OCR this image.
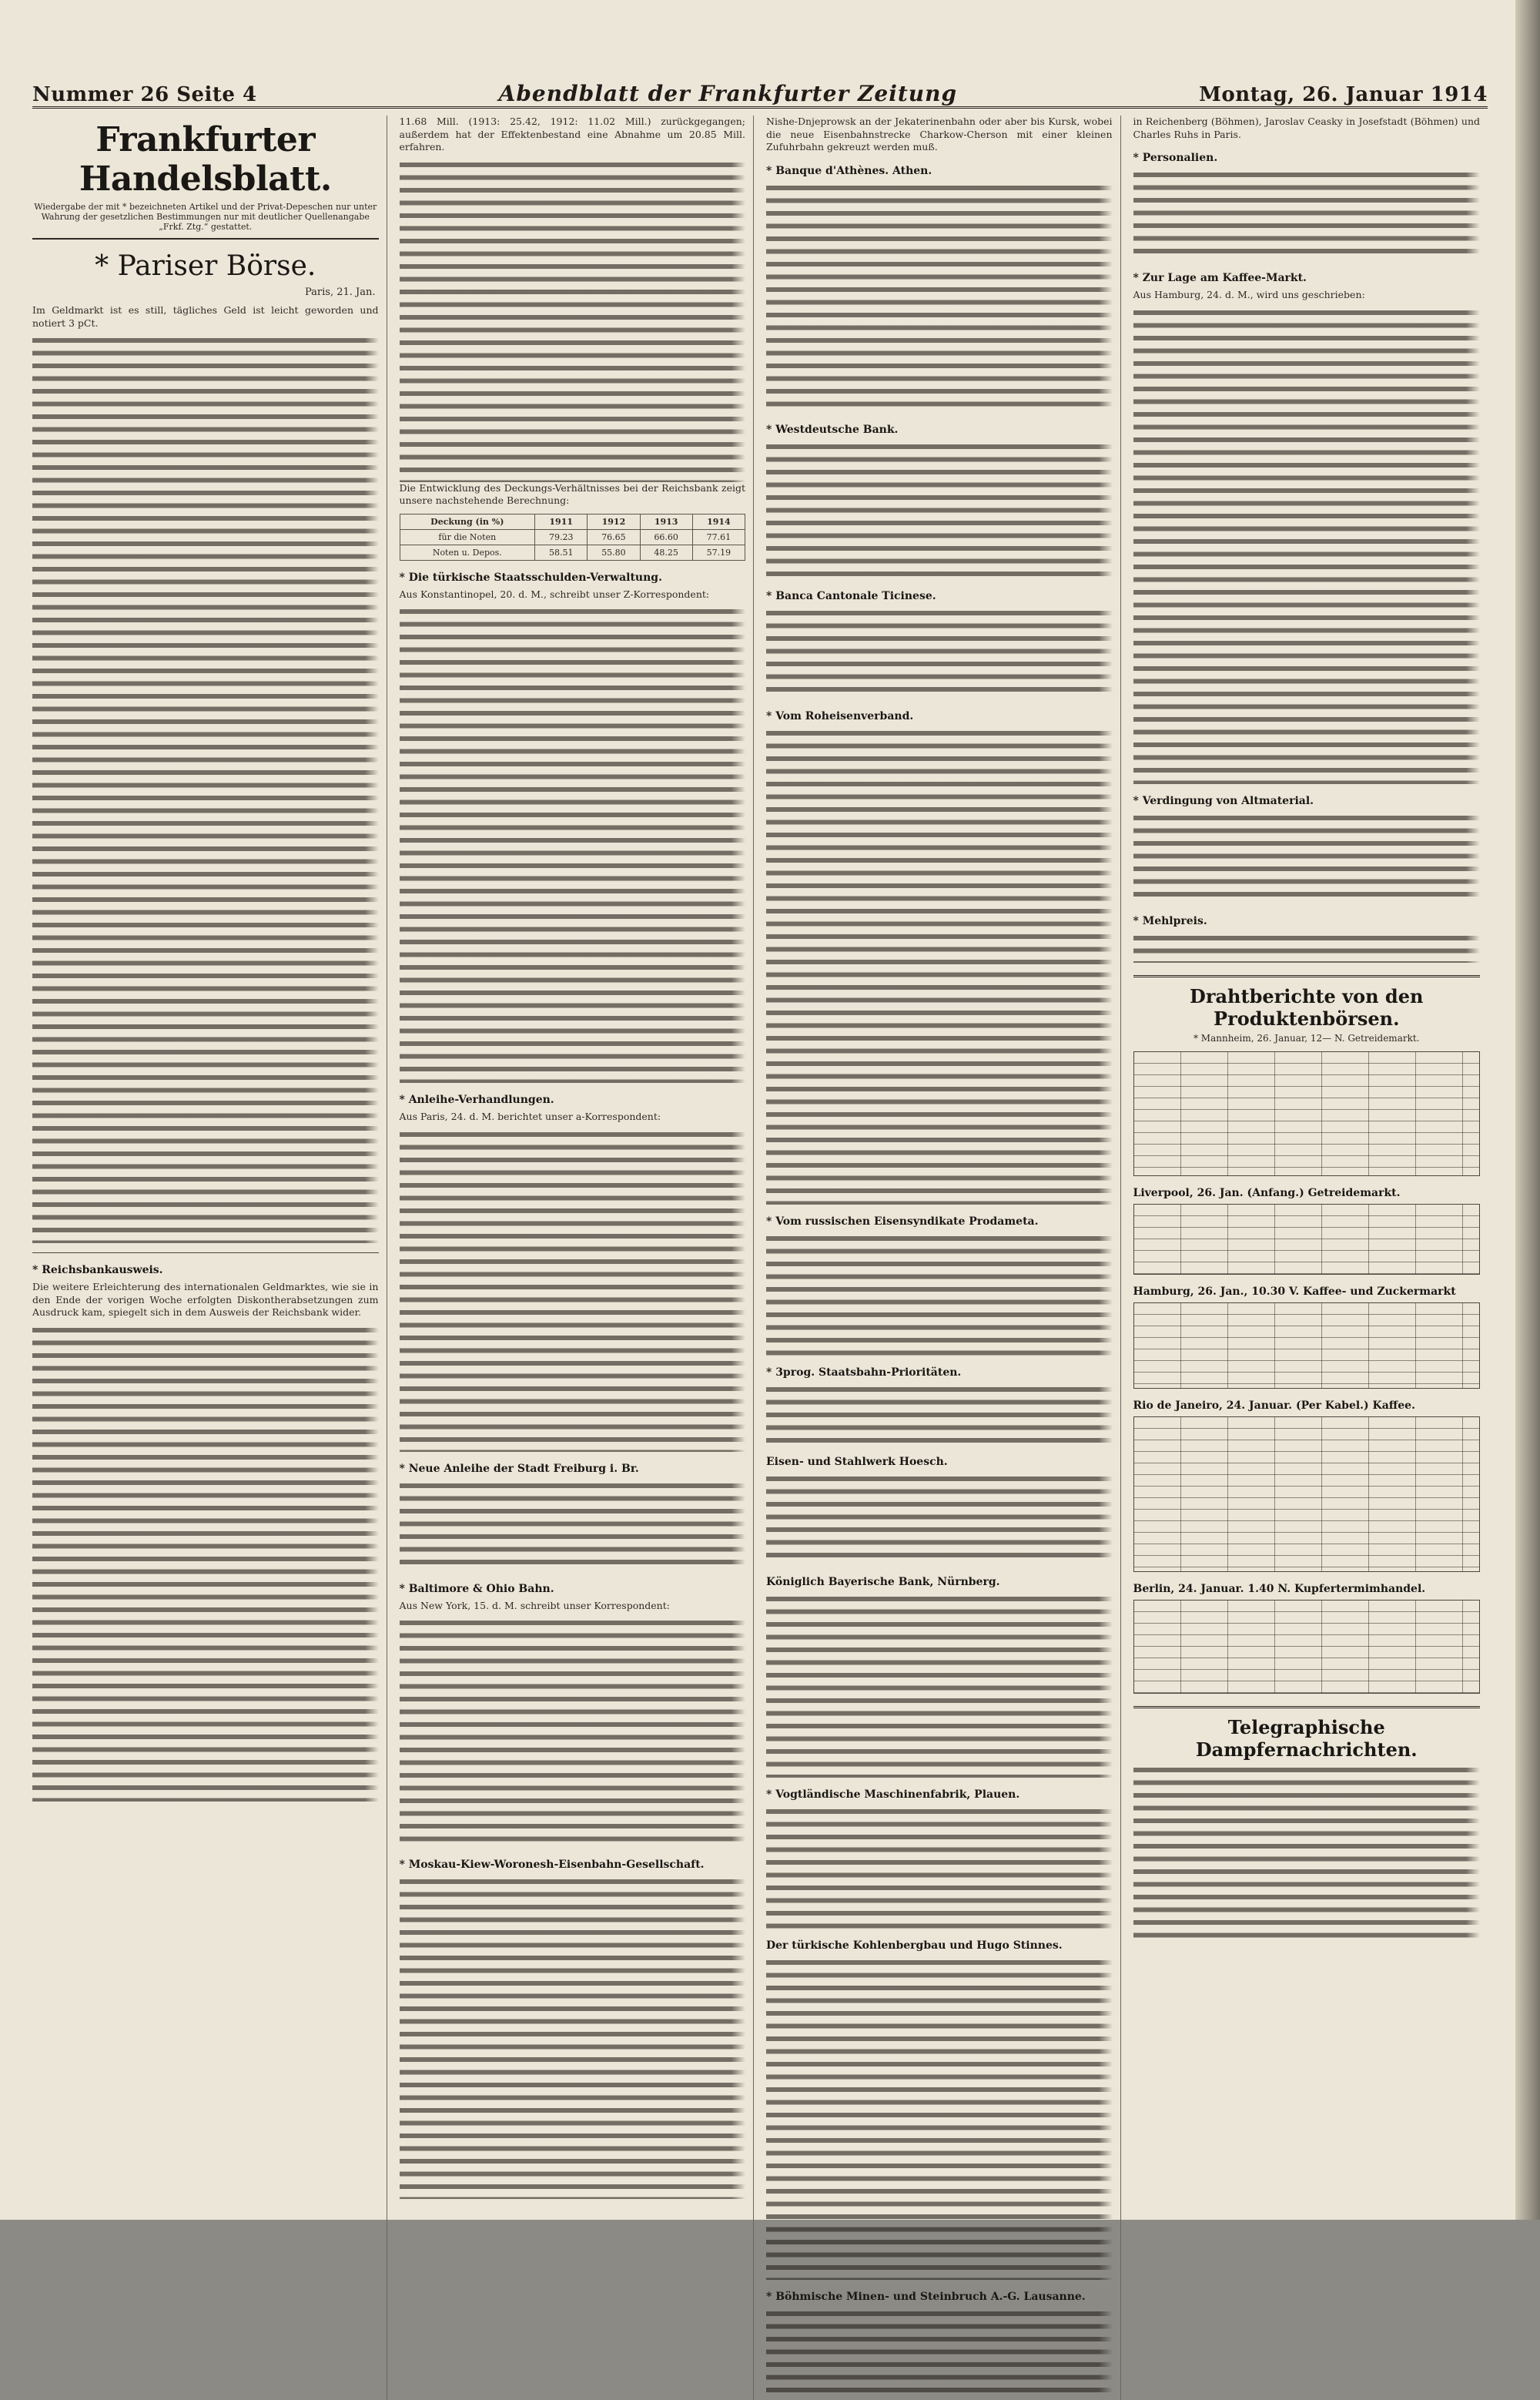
Nummer 26 Seite 4	Abendblatt der Frankfurter Zeitung	Montag, 26. Januar 1914
Frankfurter Handelsblatt.
Wiedergabe der mit * bezeichneten Artikel und der Privat-Depeschen nur unter Wahrung der gesetzlichen Bestimmungen nur mit deutlicher Quellenangabe „Frkf. Ztg.“ gestattet.
* Pariser Börse.
Paris, 21. Jan.

Im Geldmarkt ist es still, tägliches Geld ist leicht geworden und notiert 3 pCt.

* Reichsbankausweis.

Die weitere Erleichterung des internationalen Geldmarktes, wie sie in den Ende der vorigen Woche erfolgten Diskontherabsetzungen zum Ausdruck kam, spiegelt sich in dem Ausweis der Reichsbank wider.

11.68 Mill. (1913: 25.42, 1912: 11.02 Mill.) zurückgegangen; außerdem hat der Effektenbestand eine Abnahme um 20.85 Mill. erfahren.

Die Entwicklung des Deckungs-Verhältnisses bei der Reichsbank zeigt unsere nachstehende Berechnung:

Deckung (in %)	1911	1912	1913	1914
für die Noten	79.23	76.65	66.60	77.61
Noten u. Depos.	58.51	55.80	48.25	57.19
* Die türkische Staatsschulden-Verwaltung.

Aus Konstantinopel, 20. d. M., schreibt unser Z-Korrespondent:

* Anleihe-Verhandlungen.

Aus Paris, 24. d. M. berichtet unser a-Korrespondent:

* Neue Anleihe der Stadt Freiburg i. Br.
* Baltimore & Ohio Bahn.

Aus New York, 15. d. M. schreibt unser Korrespondent:

* Moskau-Kiew-Woronesh-Eisenbahn-Gesellschaft.

Nishe-Dnjeprowsk an der Jekaterinenbahn oder aber bis Kursk, wobei die neue Eisenbahnstrecke Charkow-Cherson mit einer kleinen Zufuhrbahn gekreuzt werden muß.

* Banque d'Athènes. Athen.
* Westdeutsche Bank.
* Banca Cantonale Ticinese.
* Vom Roheisenverband.
* Vom russischen Eisensyndikate Prodameta.
* 3prog. Staatsbahn-Prioritäten.
Eisen- und Stahlwerk Hoesch.
Königlich Bayerische Bank, Nürnberg.
* Vogtländische Maschinenfabrik, Plauen.
Der türkische Kohlenbergbau und Hugo Stinnes.
* Böhmische Minen- und Steinbruch A.-G. Lausanne.

in Reichenberg (Böhmen), Jaroslav Ceasky in Josefstadt (Böhmen) und Charles Ruhs in Paris.

* Personalien.
* Zur Lage am Kaffee-Markt.

Aus Hamburg, 24. d. M., wird uns geschrieben:

* Verdingung von Altmaterial.
* Mehlpreis.
Drahtberichte von den Produktenbörsen.
* Mannheim, 26. Januar, 12— N. Getreidemarkt.
Liverpool, 26. Jan. (Anfang.) Getreidemarkt.
Hamburg, 26. Jan., 10.30 V. Kaffee- und Zuckermarkt
Rio de Janeiro, 24. Januar. (Per Kabel.) Kaffee.
Berlin, 24. Januar. 1.40 N. Kupfertermimhandel.
Telegraphische Dampfernachrichten.
